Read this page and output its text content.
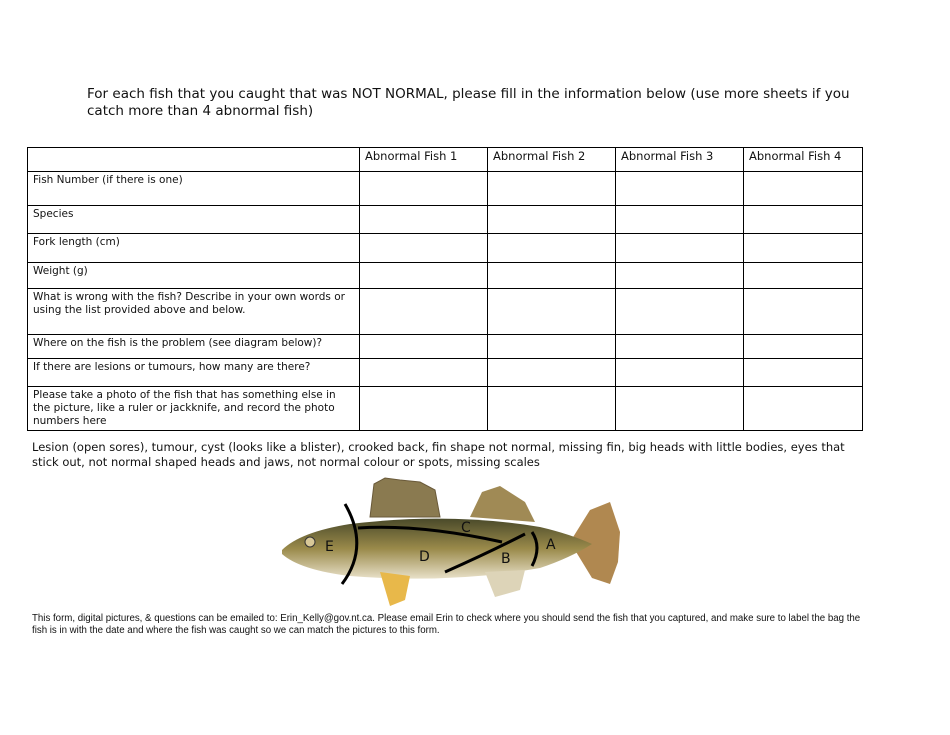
For each fish that you caught that was NOT NORMAL, please fill in the information below (use more sheets if you catch more than 4 abnormal fish)
	Abnormal Fish 1	Abnormal Fish 2	Abnormal Fish 3	Abnormal Fish 4
Fish Number (if there is one)				
Species				
Fork length (cm)				
Weight (g)				
What is wrong with the fish? Describe in your own words or using the list provided above and below.				
Where on the fish is the problem (see diagram below)?				
If there are lesions or tumours, how many are there?				
Please take a photo of the fish that has something else in the picture, like a ruler or jackknife, and record the photo numbers here				
Lesion (open sores), tumour, cyst (looks like a blister), crooked back, fin shape not normal, missing fin, big heads with little bodies, eyes that stick out, not normal shaped heads and jaws, not normal colour or spots, missing scales
E
D
C
B
A
This form, digital pictures, & questions can be emailed to: Erin_Kelly@gov.nt.ca. Please email Erin to check where you should send the fish that you captured, and make sure to label the bag the fish is in with the date and where the fish was caught so we can match the pictures to this form.
